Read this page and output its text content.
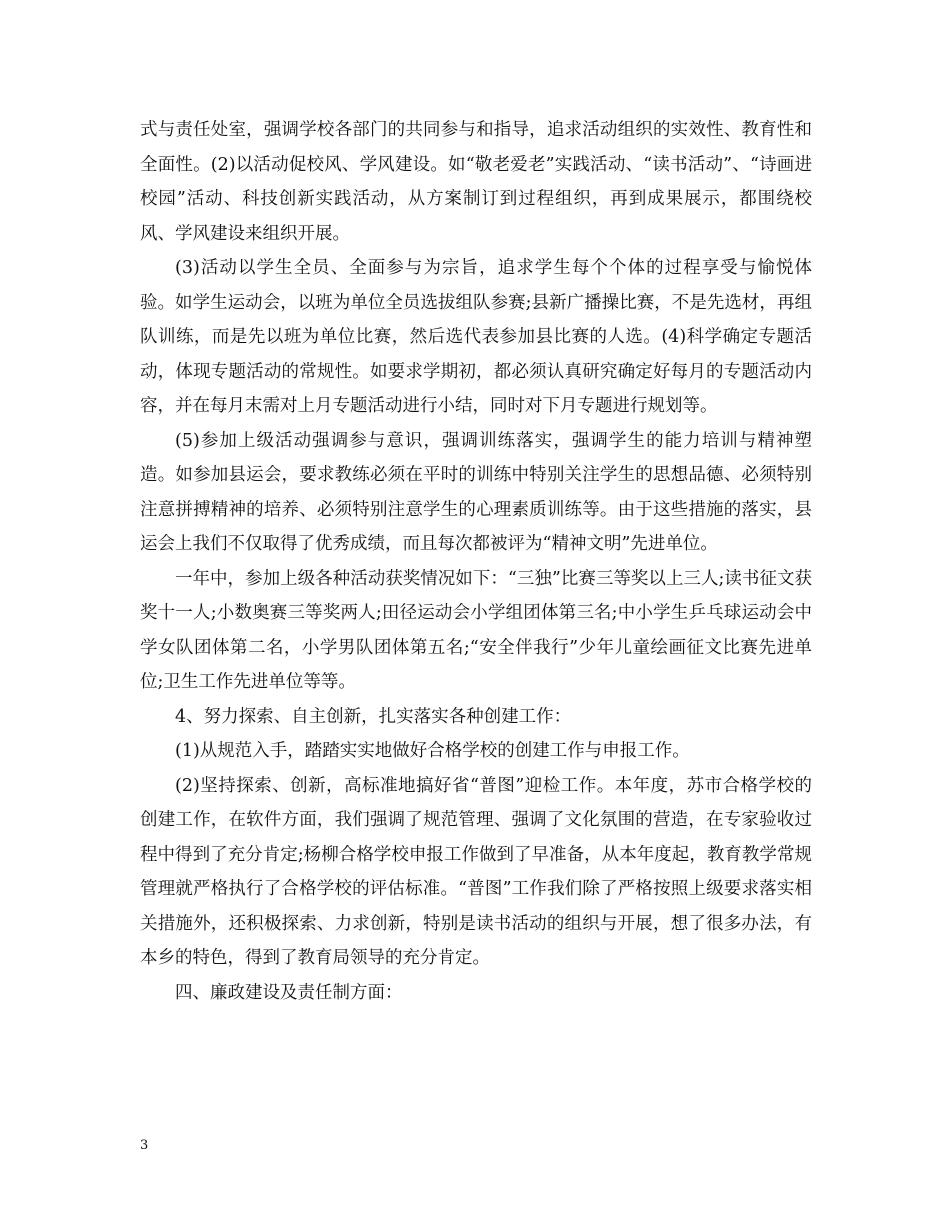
式与责任处室，强调学校各部门的共同参与和指导，追求活动组织的实效性、教育性和全面性。(2)以活动促校风、学风建设。如“敬老爱老”实践活动、“读书活动”、“诗画进校园”活动、科技创新实践活动，从方案制订到过程组织，再到成果展示，都围绕校风、学风建设来组织开展。

(3)活动以学生全员、全面参与为宗旨，追求学生每个个体的过程享受与愉悦体验。如学生运动会，以班为单位全员选拔组队参赛;县新广播操比赛，不是先选材，再组队训练，而是先以班为单位比赛，然后选代表参加县比赛的人选。(4)科学确定专题活动，体现专题活动的常规性。如要求学期初，都必须认真研究确定好每月的专题活动内容，并在每月末需对上月专题活动进行小结，同时对下月专题进行规划等。

(5)参加上级活动强调参与意识，强调训练落实，强调学生的能力培训与精神塑造。如参加县运会，要求教练必须在平时的训练中特别关注学生的思想品德、必须特别注意拼搏精神的培养、必须特别注意学生的心理素质训练等。由于这些措施的落实，县运会上我们不仅取得了优秀成绩，而且每次都被评为“精神文明”先进单位。

一年中，参加上级各种活动获奖情况如下：“三独”比赛三等奖以上三人;读书征文获奖十一人;小数奥赛三等奖两人;田径运动会小学组团体第三名;中小学生乒乓球运动会中学女队团体第二名，小学男队团体第五名;“安全伴我行”少年儿童绘画征文比赛先进单位;卫生工作先进单位等等。

4、努力探索、自主创新，扎实落实各种创建工作：

(1)从规范入手，踏踏实实地做好合格学校的创建工作与申报工作。

(2)坚持探索、创新，高标准地搞好省“普图”迎检工作。本年度，苏市合格学校的创建工作，在软件方面，我们强调了规范管理、强调了文化氛围的营造，在专家验收过程中得到了充分肯定;杨柳合格学校申报工作做到了早准备，从本年度起，教育教学常规管理就严格执行了合格学校的评估标准。“普图”工作我们除了严格按照上级要求落实相关措施外，还积极探索、力求创新，特别是读书活动的组织与开展，想了很多办法，有本乡的特色，得到了教育局领导的充分肯定。

四、廉政建设及责任制方面：

3
